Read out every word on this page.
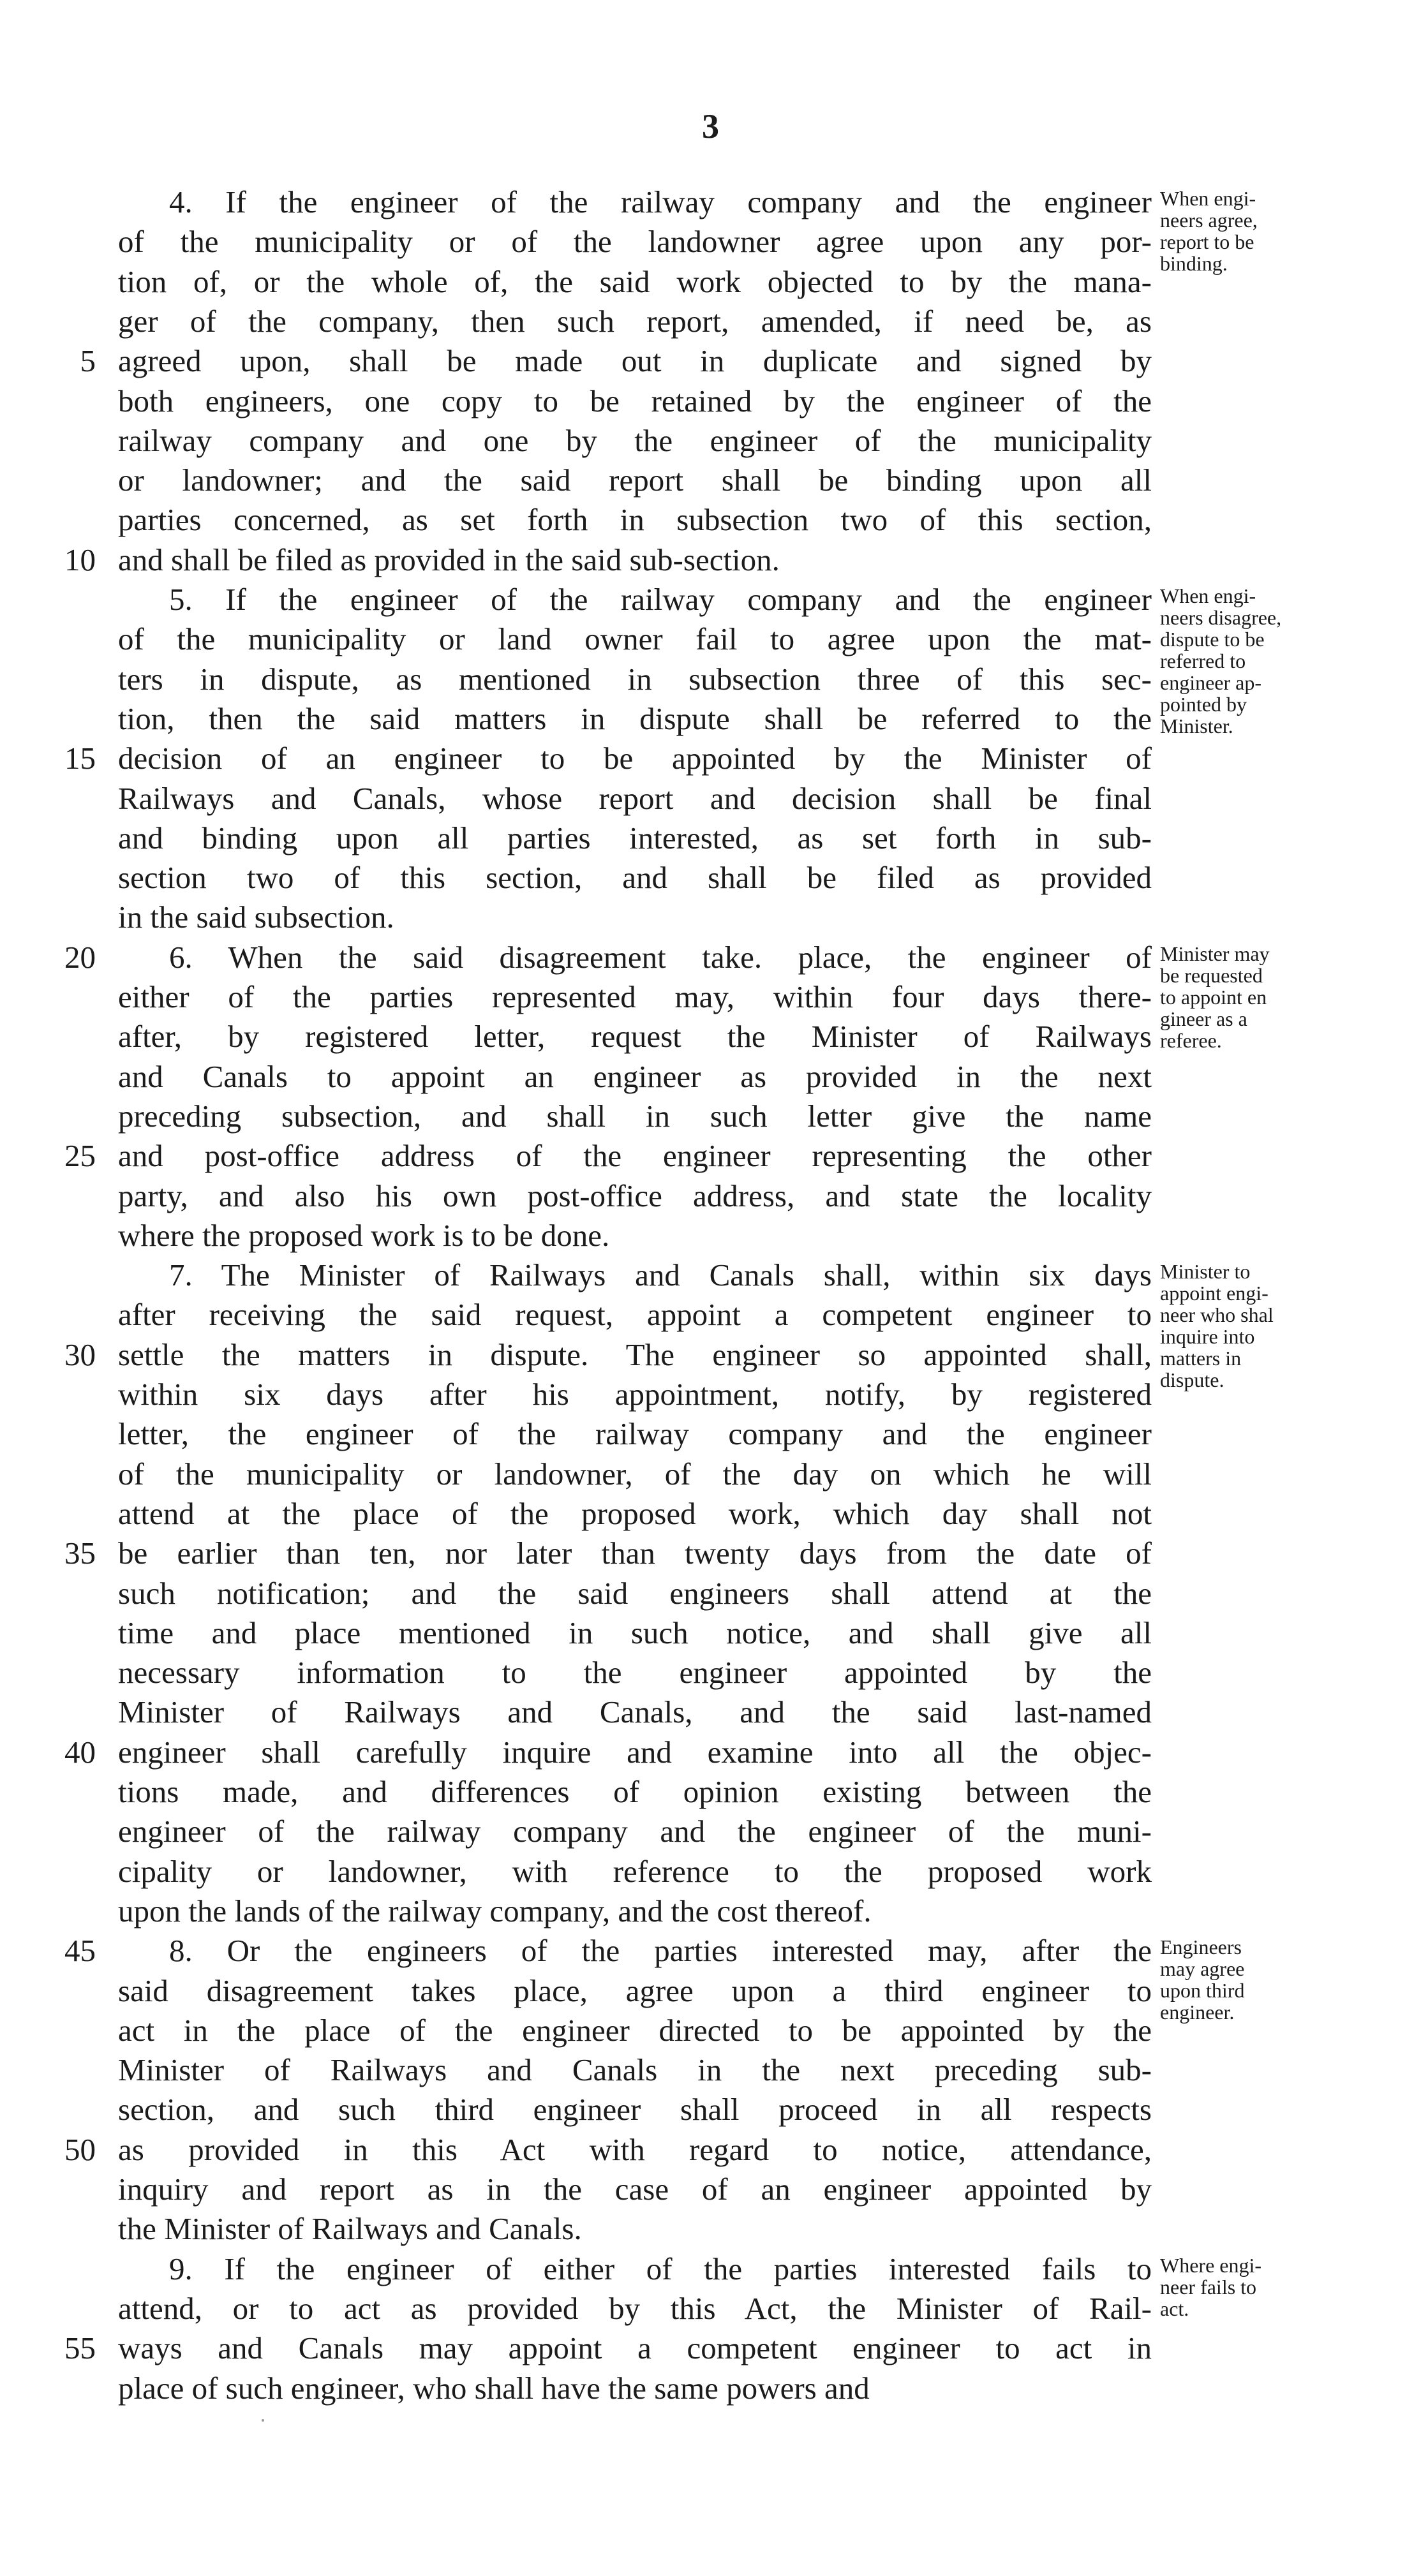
3
4. If the engineer of the railway company and the engineer
of the municipality or of the landowner agree upon any por-
tion of, or the whole of, the said work objected to by the mana-
ger of the company, then such report, amended, if need be, as
5 agreed upon, shall be made out in duplicate and signed by
both engineers, one copy to be retained by the engineer of the
railway company and one by the engineer of the municipality
or landowner; and the said report shall be binding upon all
parties concerned, as set forth in subsection two of this section,
10 and shall be filed as provided in the said sub-section.
5. If the engineer of the railway company and the engineer
of the municipality or land owner fail to agree upon the mat-
ters in dispute, as mentioned in subsection three of this sec-
tion, then the said matters in dispute shall be referred to the
15 decision of an engineer to be appointed by the Minister of
Railways and Canals, whose report and decision shall be final
and binding upon all parties interested, as set forth in sub-
section two of this section, and shall be filed as provided
in the said subsection.
20	6. When the said disagreement take. place, the engineer of
either of the parties represented may, within four days there-
after, by registered letter, request the Minister of Railways
and Canals to appoint an engineer as provided in the next
preceding subsection, and shall in such letter give the name
25 and post-office address of the engineer representing the other
party, and also his own post-office address, and state the locality
where the proposed work is to be done.
7. The Minister of Railways and Canals shall, within six days
after receiving the said request, appoint a competent engineer to
30 settle the matters in dispute. The engineer so appointed shall,
within six days after his appointment, notify, by registered
letter, the engineer of the railway company and the engineer
of the municipality or landowner, of the day on which he will
attend at the place of the proposed work, which day shall not
35 be earlier than ten, nor later than twenty days from the date of
such notification; and the said engineers shall attend at the
time and place mentioned in such notice, and shall give all
necessary information to the engineer appointed by the
Minister of Railways and Canals, and the said last-named
40 engineer shall carefully inquire and examine into all the objec-
tions made, and differences of opinion existing between the
engineer of the railway company and the engineer of the muni-
cipality or landowner, with reference to the proposed work
upon the lands of the railway company, and the cost thereof.
45	8. Or the engineers of the parties interested may, after the
said disagreement takes place, agree upon a third engineer to
act in the place of the engineer directed to be appointed by the
Minister of Railways and Canals in the next preceding sub-
section, and such third engineer shall proceed in all respects
50 as provided in this Act with regard to notice, attendance,
inquiry and report as in the case of an engineer appointed by
the Minister of Railways and Canals.
9. If the engineer of either of the parties interested fails to
attend, or to act as provided by this Act, the Minister of Rail-
55 ways and Canals may appoint a competent engineer to act in
place of such engineer, who shall have the same powers and
When engi-
neers agree,
report to be
binding.
When engi-
neers disagree,
dispute to be
referred to
engineer ap-
pointed by
Minister.
Minister may
be requested
to appoint en
gineer as a
referee.
Minister to
appoint engi-
neer who shal
inquire into
matters in
dispute.
Engineers
may agree
upon third
engineer.
Where engi-
neer fails to
act.
